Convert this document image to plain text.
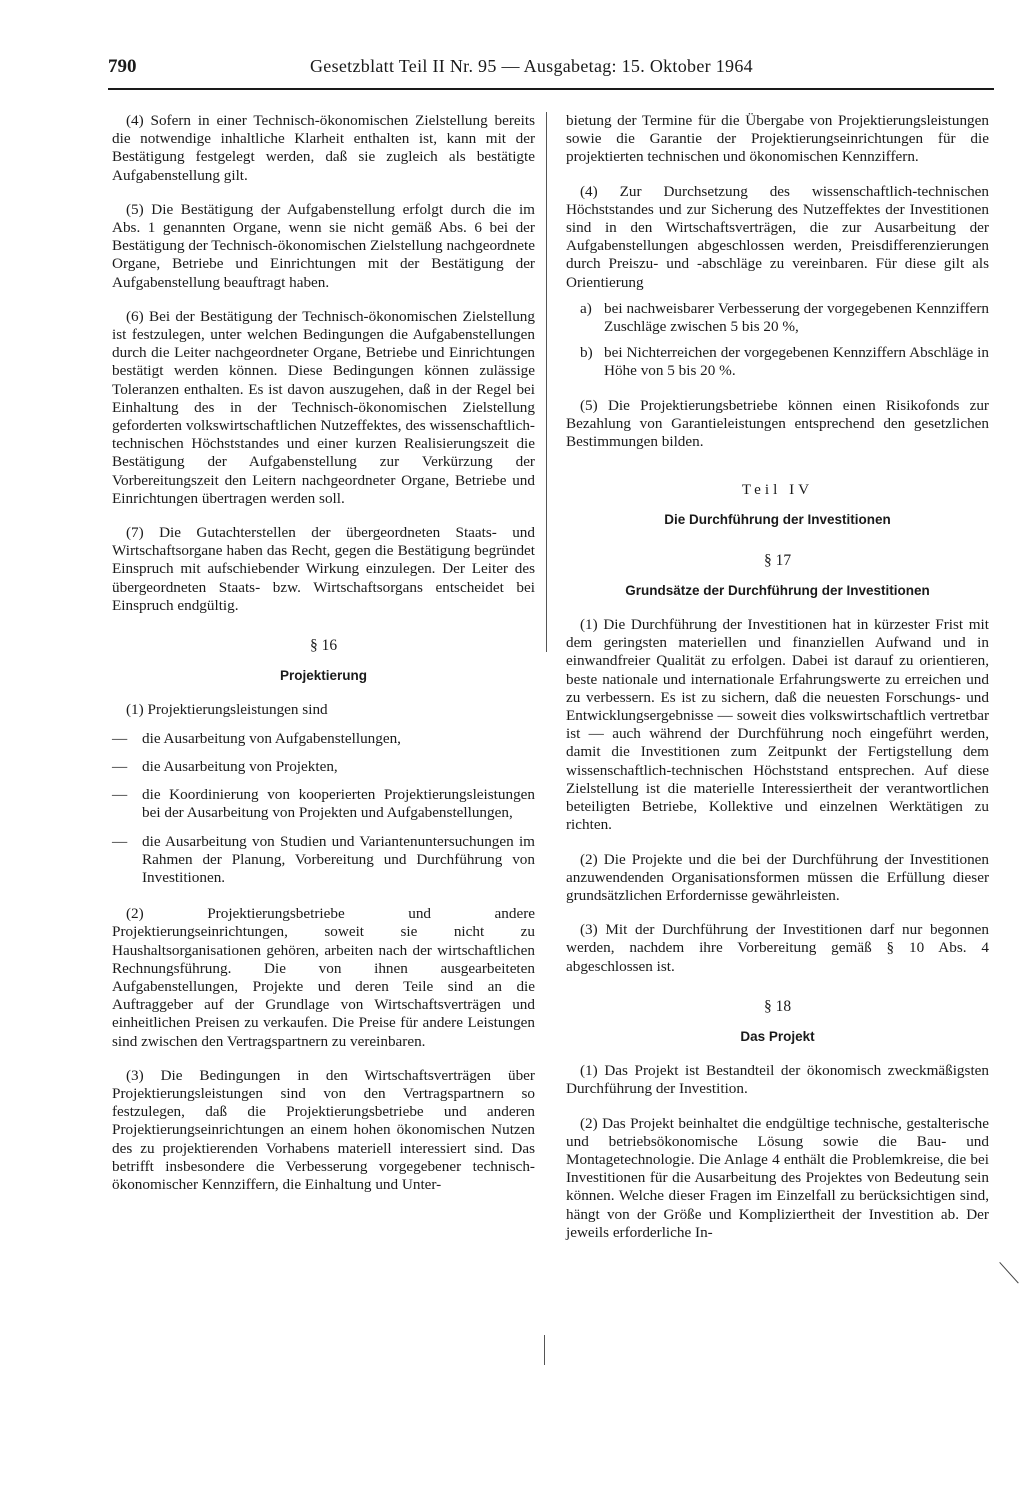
790	Gesetzblatt Teil II Nr. 95 — Ausgabetag: 15. Oktober 1964

(4) Sofern in einer Technisch-ökonomischen Zielstellung bereits die notwendige inhaltliche Klarheit enthalten ist, kann mit der Bestätigung festgelegt werden, daß sie zugleich als bestätigte Aufgabenstellung gilt.

(5) Die Bestätigung der Aufgabenstellung erfolgt durch die im Abs. 1 genannten Organe, wenn sie nicht gemäß Abs. 6 bei der Bestätigung der Technisch-ökonomischen Zielstellung nachgeordnete Organe, Betriebe und Einrichtungen mit der Bestätigung der Aufgabenstellung beauftragt haben.

(6) Bei der Bestätigung der Technisch-ökonomischen Zielstellung ist festzulegen, unter welchen Bedingungen die Aufgabenstellungen durch die Leiter nachgeordneter Organe, Betriebe und Einrichtungen bestätigt werden können. Diese Bedingungen können zulässige Toleranzen enthalten. Es ist davon auszugehen, daß in der Regel bei Einhaltung des in der Technisch-ökonomischen Zielstellung geforderten volkswirtschaftlichen Nutzeffektes, des wissenschaftlich-technischen Höchststandes und einer kurzen Realisierungszeit die Bestätigung der Aufgabenstellung zur Verkürzung der Vorbereitungszeit den Leitern nachgeordneter Organe, Betriebe und Einrichtungen übertragen werden soll.

(7) Die Gutachterstellen der übergeordneten Staats- und Wirtschaftsorgane haben das Recht, gegen die Bestätigung begründet Einspruch mit aufschiebender Wirkung einzulegen. Der Leiter des übergeordneten Staats- bzw. Wirtschaftsorgans entscheidet bei Einspruch endgültig.

§ 16

Projektierung

(1) Projektierungsleistungen sind

— die Ausarbeitung von Aufgabenstellungen,
— die Ausarbeitung von Projekten,
— die Koordinierung von kooperierten Projektierungsleistungen bei der Ausarbeitung von Projekten und Aufgabenstellungen,
— die Ausarbeitung von Studien und Variantenuntersuchungen im Rahmen der Planung, Vorbereitung und Durchführung von Investitionen.

(2) Projektierungsbetriebe und andere Projektierungseinrichtungen, soweit sie nicht zu Haushaltsorganisationen gehören, arbeiten nach der wirtschaftlichen Rechnungsführung. Die von ihnen ausgearbeiteten Aufgabenstellungen, Projekte und deren Teile sind an die Auftraggeber auf der Grundlage von Wirtschaftsverträgen und einheitlichen Preisen zu verkaufen. Die Preise für andere Leistungen sind zwischen den Vertragspartnern zu vereinbaren.

(3) Die Bedingungen in den Wirtschaftsverträgen über Projektierungsleistungen sind von den Vertragspartnern so festzulegen, daß die Projektierungsbetriebe und anderen Projektierungseinrichtungen an einem hohen ökonomischen Nutzen des zu projektierenden Vorhabens materiell interessiert sind. Das betrifft insbesondere die Verbesserung vorgegebener technisch-ökonomischer Kennziffern, die Einhaltung und Unter-

bietung der Termine für die Übergabe von Projektierungsleistungen sowie die Garantie der Projektierungseinrichtungen für die projektierten technischen und ökonomischen Kennziffern.

(4) Zur Durchsetzung des wissenschaftlich-technischen Höchststandes und zur Sicherung des Nutzeffektes der Investitionen sind in den Wirtschaftsverträgen, die zur Ausarbeitung der Aufgabenstellungen abgeschlossen werden, Preisdifferenzierungen durch Preiszu- und -abschläge zu vereinbaren. Für diese gilt als Orientierung

a) bei nachweisbarer Verbesserung der vorgegebenen Kennziffern Zuschläge zwischen 5 bis 20 %,
b) bei Nichterreichen der vorgegebenen Kennziffern Abschläge in Höhe von 5 bis 20 %.

(5) Die Projektierungsbetriebe können einen Risikofonds zur Bezahlung von Garantieleistungen entsprechend den gesetzlichen Bestimmungen bilden.

Teil IV

Die Durchführung der Investitionen

§ 17

Grundsätze der Durchführung der Investitionen

(1) Die Durchführung der Investitionen hat in kürzester Frist mit dem geringsten materiellen und finanziellen Aufwand und in einwandfreier Qualität zu erfolgen. Dabei ist darauf zu orientieren, beste nationale und internationale Erfahrungswerte zu erreichen und zu verbessern. Es ist zu sichern, daß die neuesten Forschungs- und Entwicklungsergebnisse — soweit dies volkswirtschaftlich vertretbar ist — auch während der Durchführung noch eingeführt werden, damit die Investitionen zum Zeitpunkt der Fertigstellung dem wissenschaftlich-technischen Höchststand entsprechen. Auf diese Zielstellung ist die materielle Interessiertheit der verantwortlichen beteiligten Betriebe, Kollektive und einzelnen Werktätigen zu richten.

(2) Die Projekte und die bei der Durchführung der Investitionen anzuwendenden Organisationsformen müssen die Erfüllung dieser grundsätzlichen Erfordernisse gewährleisten.

(3) Mit der Durchführung der Investitionen darf nur begonnen werden, nachdem ihre Vorbereitung gemäß § 10 Abs. 4 abgeschlossen ist.

§ 18

Das Projekt

(1) Das Projekt ist Bestandteil der ökonomisch zweckmäßigsten Durchführung der Investition.

(2) Das Projekt beinhaltet die endgültige technische, gestalterische und betriebsökonomische Lösung sowie die Bau- und Montagetechnologie. Die Anlage 4 enthält die Problemkreise, die bei Investitionen für die Ausarbeitung des Projektes von Bedeutung sein können. Welche dieser Fragen im Einzelfall zu berücksichtigen sind, hängt von der Größe und Kompliziertheit der Investition ab. Der jeweils erforderliche In-
